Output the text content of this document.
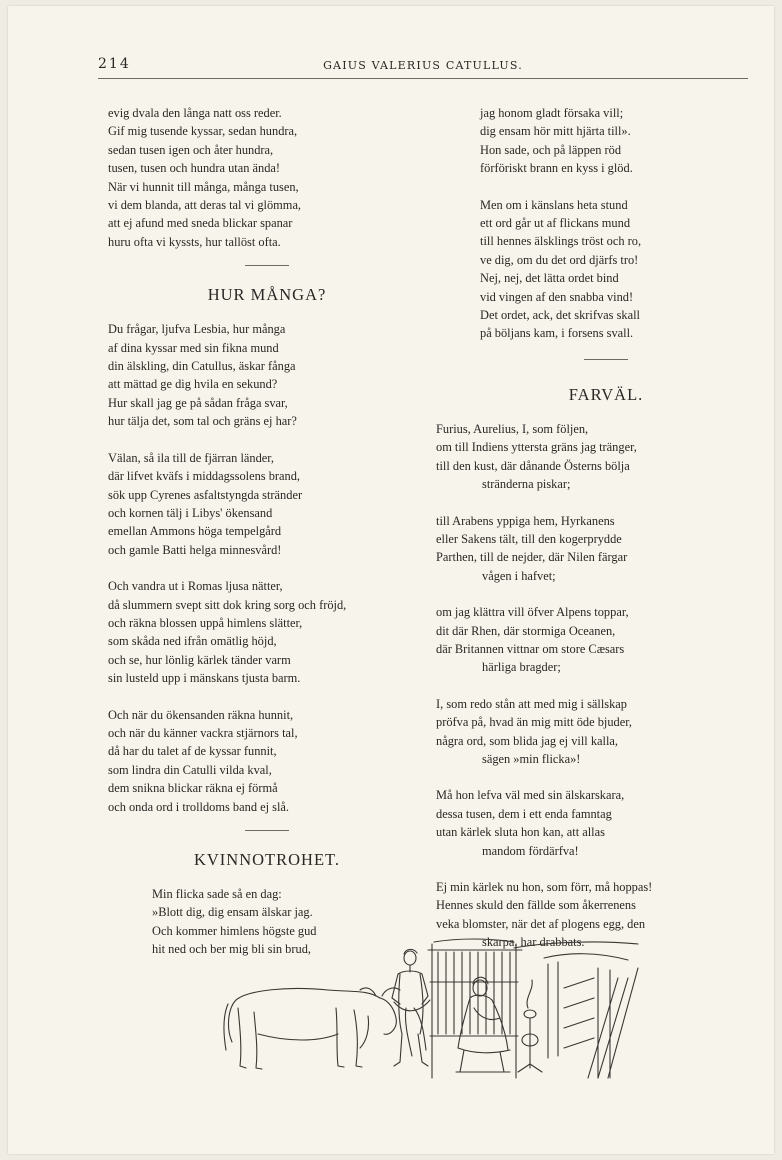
214	GAIUS VALERIUS CATULLUS.
evig dvala den långa natt oss reder.
Gif mig tusende kyssar, sedan hundra,
sedan tusen igen och åter hundra,
tusen, tusen och hundra utan ända!
När vi hunnit till många, många tusen,
vi dem blanda, att deras tal vi glömma,
att ej afund med sneda blickar spanar
huru ofta vi kyssts, hur tallöst ofta.
HUR MÅNGA?
Du frågar, ljufva Lesbia, hur många
af dina kyssar med sin fikna mund
din älskling, din Catullus, äskar fånga
att mättad ge dig hvila en sekund?
Hur skall jag ge på sådan fråga svar,
hur tälja det, som tal och gräns ej har?
Välan, så ila till de fjärran länder,
där lifvet kväfs i middagssolens brand,
sök upp Cyrenes asfaltstyngda stränder
och kornen tälj i Libys' ökensand
emellan Ammons höga tempelgård
och gamle Batti helga minnesvård!
Och vandra ut i Romas ljusa nätter,
då slummern svept sitt dok kring sorg och fröjd,
och räkna blossen uppå himlens slätter,
som skåda ned ifrån omätlig höjd,
och se, hur lönlig kärlek tänder varm
sin lusteld upp i mänskans tjusta barm.
Och när du ökensanden räkna hunnit,
och när du känner vackra stjärnors tal,
då har du talet af de kyssar funnit,
som lindra din Catulli vilda kval,
dem snikna blickar räkna ej förmå
och onda ord i trolldoms band ej slå.
KVINNOTROHET.
Min flicka sade så en dag:
»Blott dig, dig ensam älskar jag.
Och kommer himlens högste gud
hit ned och ber mig bli sin brud,
jag honom gladt försaka vill;
dig ensam hör mitt hjärta till».
Hon sade, och på läppen röd
förföriskt brann en kyss i glöd.
Men om i känslans heta stund
ett ord går ut af flickans mund
till hennes älsklings tröst och ro,
ve dig, om du det ord djärfs tro!
Nej, nej, det lätta ordet bind
vid vingen af den snabba vind!
Det ordet, ack, det skrifvas skall
på böljans kam, i forsens svall.
FARVÄL.
Furius, Aurelius, I, som följen,
om till Indiens yttersta gräns jag tränger,
till den kust, där dånande Österns bölja
stränderna piskar;
till Arabens yppiga hem, Hyrkanens
eller Sakens tält, till den kogerprydde
Parthen, till de nejder, där Nilen färgar
vågen i hafvet;
om jag klättra vill öfver Alpens toppar,
dit där Rhen, där stormiga Oceanen,
där Britannen vittnar om store Cæsars
härliga bragder;
I, som redo stån att med mig i sällskap
pröfva på, hvad än mig mitt öde bjuder,
några ord, som blida jag ej vill kalla,
sägen »min flicka»!
Må hon lefva väl med sin älskarskara,
dessa tusen, dem i ett enda famntag
utan kärlek sluta hon kan, att allas
mandom fördärfva!
Ej min kärlek nu hon, som förr, må hoppas!
Hennes skuld den fällde som åkerrenens
veka blomster, när det af plogens egg, den
skarpa, har drabbats.
